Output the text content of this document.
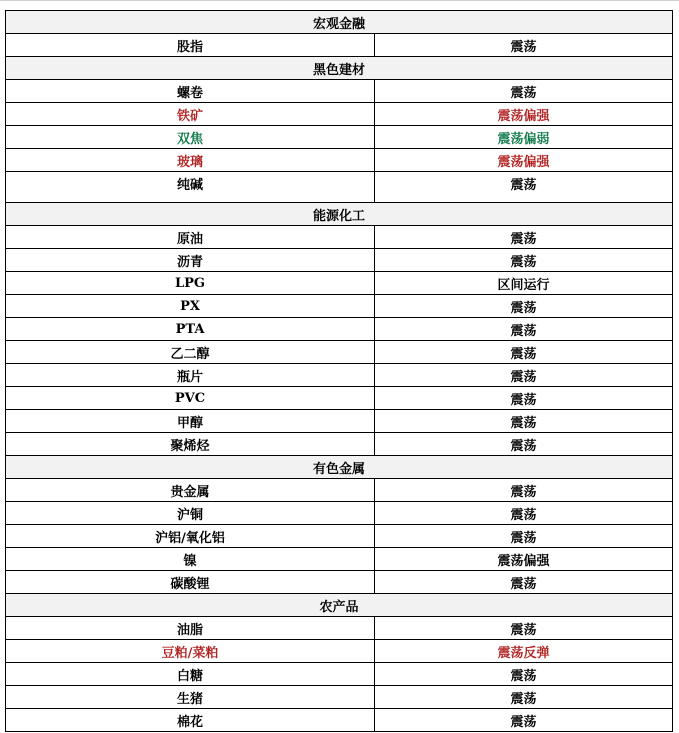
宏观金融	
股指	震荡
黑色建材	
螺卷	震荡
铁矿	震荡偏强
双焦	震荡偏弱
玻璃	震荡偏强
纯碱	震荡
能源化工	
原油	震荡
沥青	震荡
LPG	区间运行
PX	震荡
PTA	震荡
乙二醇	震荡
瓶片	震荡
PVC	震荡
甲醇	震荡
聚烯烃	震荡
有色金属	
贵金属	震荡
沪铜	震荡
沪铝/氧化铝	震荡
镍	震荡偏强
碳酸锂	震荡
农产品	
油脂	震荡
豆粕/菜粕	震荡反弹
白糖	震荡
生猪	震荡
棉花	震荡
